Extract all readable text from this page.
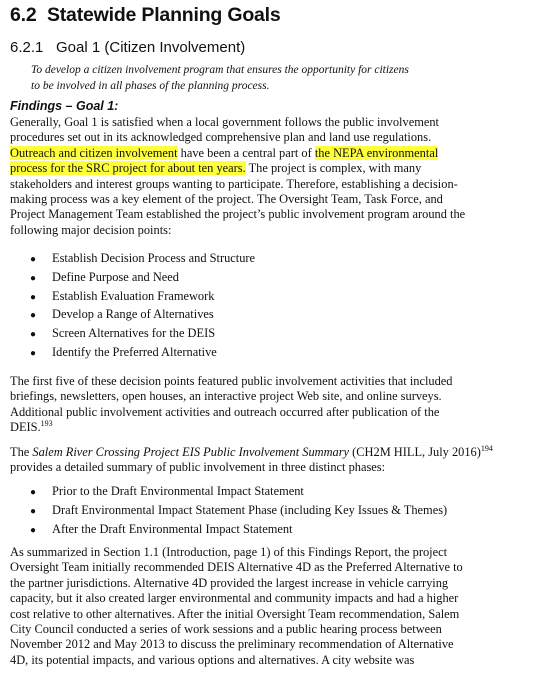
6.2 Statewide Planning Goals
6.2.1 Goal 1 (Citizen Involvement)
To develop a citizen involvement program that ensures the opportunity for citizens
to be involved in all phases of the planning process.
Findings – Goal 1:
Generally, Goal 1 is satisfied when a local government follows the public involvement
procedures set out in its acknowledged comprehensive plan and land use regulations.
Outreach and citizen involvement have been a central part of the NEPA environmental
process for the SRC project for about ten years. The project is complex, with many
stakeholders and interest groups wanting to participate. Therefore, establishing a decision-
making process was a key element of the project. The Oversight Team, Task Force, and
Project Management Team established the project’s public involvement program around the
following major decision points:
● Establish Decision Process and Structure
● Define Purpose and Need
● Establish Evaluation Framework
● Develop a Range of Alternatives
● Screen Alternatives for the DEIS
● Identify the Preferred Alternative
The first five of these decision points featured public involvement activities that included
briefings, newsletters, open houses, an interactive project Web site, and online surveys.
Additional public involvement activities and outreach occurred after publication of the
DEIS.$^{193}$
The Salem River Crossing Project EIS Public Involvement Summary (CH2M HILL, July 2016)$^{194}$
provides a detailed summary of public involvement in three distinct phases:
● Prior to the Draft Environmental Impact Statement
● Draft Environmental Impact Statement Phase (including Key Issues & Themes)
● After the Draft Environmental Impact Statement
As summarized in Section 1.1 (Introduction, page 1) of this Findings Report, the project
Oversight Team initially recommended DEIS Alternative 4D as the Preferred Alternative to
the partner jurisdictions. Alternative 4D provided the largest increase in vehicle carrying
capacity, but it also created larger environmental and community impacts and had a higher
cost relative to other alternatives. After the initial Oversight Team recommendation, Salem
City Council conducted a series of work sessions and a public hearing process between
November 2012 and May 2013 to discuss the preliminary recommendation of Alternative
4D, its potential impacts, and various options and alternatives. A city website was
